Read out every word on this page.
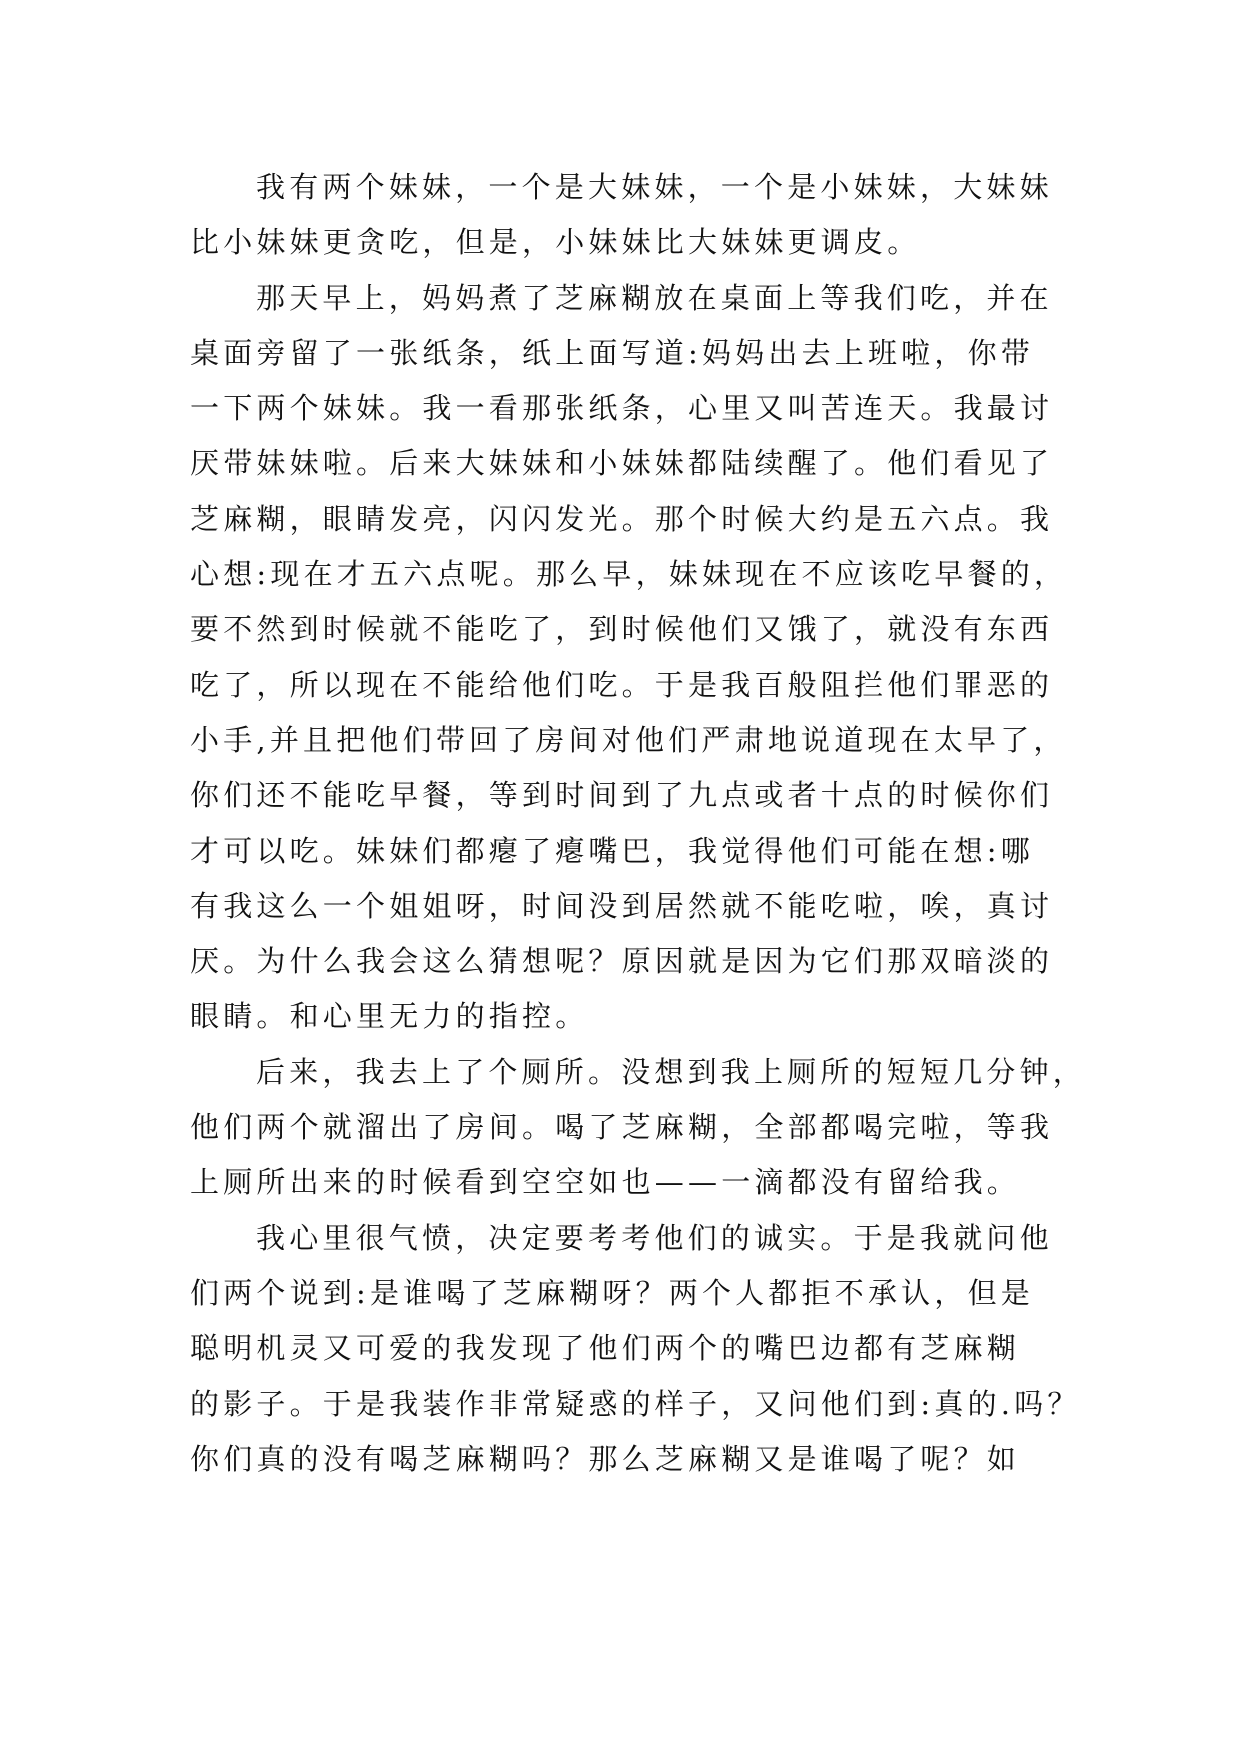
我有两个妹妹，一个是大妹妹，一个是小妹妹，大妹妹
比小妹妹更贪吃，但是，小妹妹比大妹妹更调皮。
那天早上，妈妈煮了芝麻糊放在桌面上等我们吃，并在
桌面旁留了一张纸条，纸上面写道:妈妈出去上班啦，你带
一下两个妹妹。我一看那张纸条，心里又叫苦连天。我最讨
厌带妹妹啦。后来大妹妹和小妹妹都陆续醒了。他们看见了
芝麻糊，眼睛发亮，闪闪发光。那个时候大约是五六点。我
心想:现在才五六点呢。那么早，妹妹现在不应该吃早餐的，
要不然到时候就不能吃了，到时候他们又饿了，就没有东西
吃了，所以现在不能给他们吃。于是我百般阻拦他们罪恶的
小手,并且把他们带回了房间对他们严肃地说道现在太早了，
你们还不能吃早餐，等到时间到了九点或者十点的时候你们
才可以吃。妹妹们都瘪了瘪嘴巴，我觉得他们可能在想:哪
有我这么一个姐姐呀，时间没到居然就不能吃啦，唉，真讨
厌。为什么我会这么猜想呢？原因就是因为它们那双暗淡的
眼睛。和心里无力的指控。
后来，我去上了个厕所。没想到我上厕所的短短几分钟，
他们两个就溜出了房间。喝了芝麻糊，全部都喝完啦，等我
上厕所出来的时候看到空空如也——一滴都没有留给我。
我心里很气愤，决定要考考他们的诚实。于是我就问他
们两个说到:是谁喝了芝麻糊呀？两个人都拒不承认，但是
聪明机灵又可爱的我发现了他们两个的嘴巴边都有芝麻糊
的影子。于是我装作非常疑惑的样子，又问他们到:真的.吗？
你们真的没有喝芝麻糊吗？那么芝麻糊又是谁喝了呢？如
